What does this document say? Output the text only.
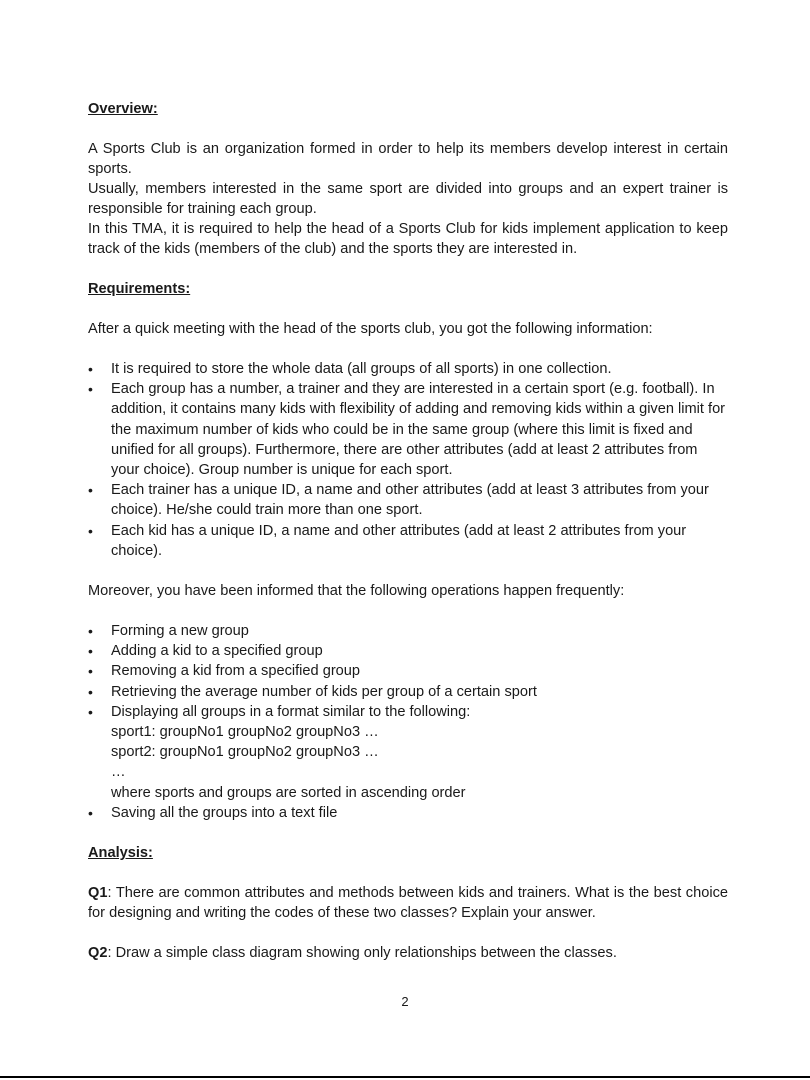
Overview:

A Sports Club is an organization formed in order to help its members develop interest in certain sports.

Usually, members interested in the same sport are divided into groups and an expert trainer is responsible for training each group.

In this TMA, it is required to help the head of a Sports Club for kids implement application to keep track of the kids (members of the club) and the sports they are interested in.

Requirements:

After a quick meeting with the head of the sports club, you got the following information:

• It is required to store the whole data (all groups of all sports) in one collection.
• Each group has a number, a trainer and they are interested in a certain sport (e.g. football). In addition, it contains many kids with flexibility of adding and removing kids within a given limit for the maximum number of kids who could be in the same group (where this limit is fixed and unified for all groups). Furthermore, there are other attributes (add at least 2 attributes from your choice). Group number is unique for each sport.
• Each trainer has a unique ID, a name and other attributes (add at least 3 attributes from your choice). He/she could train more than one sport.
• Each kid has a unique ID, a name and other attributes (add at least 2 attributes from your choice).

Moreover, you have been informed that the following operations happen frequently:

• Forming a new group
• Adding a kid to a specified group
• Removing a kid from a specified group
• Retrieving the average number of kids per group of a certain sport
• Displaying all groups in a format similar to the following:
sport1: groupNo1 groupNo2 groupNo3 …
sport2: groupNo1 groupNo2 groupNo3 …
…
where sports and groups are sorted in ascending order
• Saving all the groups into a text file

Analysis:

Q1: There are common attributes and methods between kids and trainers. What is the best choice for designing and writing the codes of these two classes? Explain your answer.

Q2: Draw a simple class diagram showing only relationships between the classes.

2
